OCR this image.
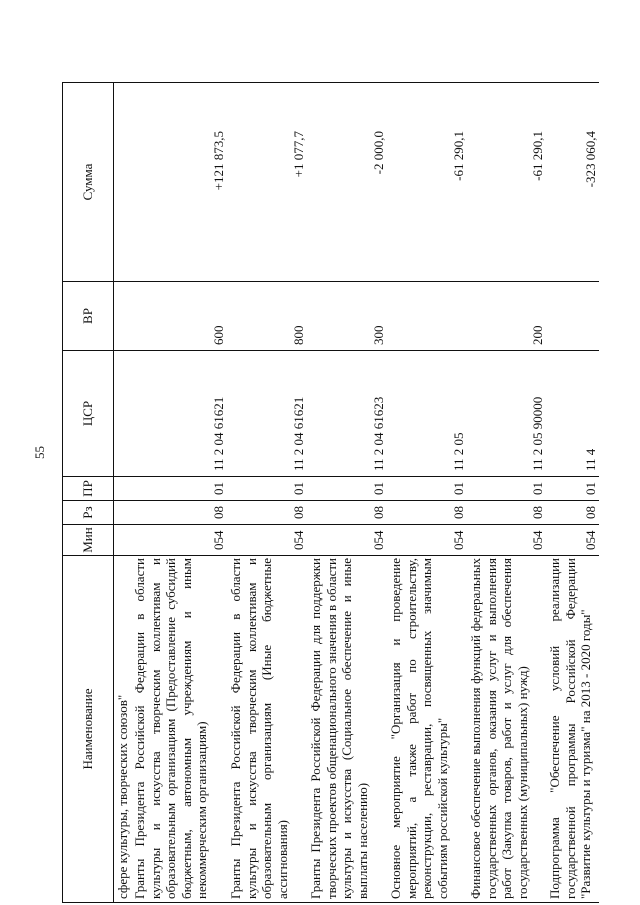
55
Наименование	Мин	Рз	ПР	ЦСР	ВР	Сумма
сфере культуры, творческих союзов"						
Гранты Президента Российской Федерации в области культуры и искусства творческим коллективам и образовательным организациям (Предоставление субсидий бюджетным, автономным учреждениям и иным некоммерческим организациям)	054	08	01	11 2 04 61621	600	+121 873,5
Гранты Президента Российской Федерации в области культуры и искусства творческим коллективам и образовательным организациям (Иные бюджетные ассигнования)	054	08	01	11 2 04 61621	800	+1 077,7
Гранты Президента Российской Федерации для поддержки творческих проектов общенационального значения в области культуры и искусства (Социальное обеспечение и иные выплаты населению)	054	08	01	11 2 04 61623	300	-2 000,0
Основное мероприятие "Организация и проведение мероприятий, а также работ по строительству, реконструкции, реставрации, посвященных значимым событиям российской культуры"	054	08	01	11 2 05		-61 290,1
Финансовое обеспечение выполнения функций федеральных государственных органов, оказания услуг и выполнения работ (Закупка товаров, работ и услуг для обеспечения государственных (муниципальных) нужд)	054	08	01	11 2 05 90000	200	-61 290,1
Подпрограмма "Обеспечение условий реализации государственной программы Российской Федерации "Развитие культуры и туризма" на 2013 - 2020 годы"	054	08	01	11 4		-323 060,4
